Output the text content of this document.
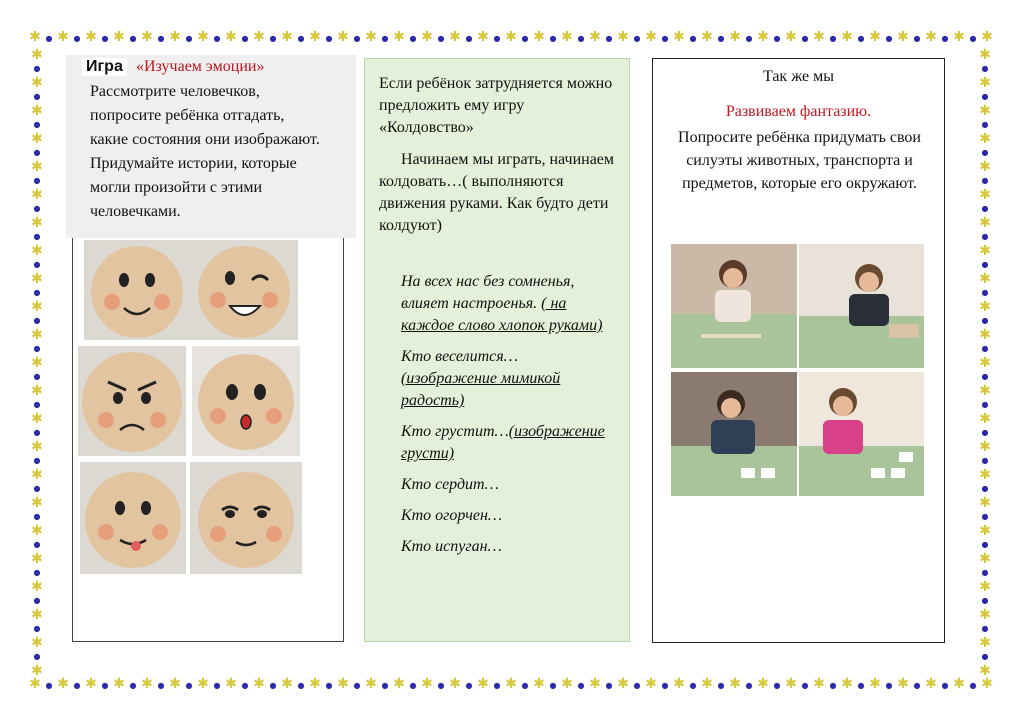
✱ ● ✱ ● ✱ ● ✱ ● ✱ ● ✱ ● ✱ ● ✱ ● ✱ ● ✱ ● ✱ ● ✱ ● ✱ ● ✱ ● ✱ ● ✱ ● ✱ ● ✱ ● ✱ ● ✱ ● ✱ ● ✱ ● ✱ ● ✱ ● ✱ ● ✱ ● ✱ ● ✱ ● ✱ ● ✱ ● ✱ ● ✱ ● ✱ ● ✱ ● ✱
✱ ● ✱ ● ✱ ● ✱ ● ✱ ● ✱ ● ✱ ● ✱ ● ✱ ● ✱ ● ✱ ● ✱ ● ✱ ● ✱ ● ✱ ● ✱ ● ✱ ● ✱ ● ✱ ● ✱ ● ✱ ● ✱ ● ✱ ● ✱ ● ✱ ● ✱ ● ✱ ● ✱ ● ✱ ● ✱ ● ✱ ● ✱ ● ✱ ● ✱ ● ✱
✱
●
✱
●
✱
●
✱
●
✱
●
✱
●
✱
●
✱
●
✱
●
✱
●
✱
●
✱
●
✱
●
✱
●
✱
●
✱
●
✱
●
✱
●
✱
●
✱
●
✱
●
✱
●
✱
✱
●
✱
●
✱
●
✱
●
✱
●
✱
●
✱
●
✱
●
✱
●
✱
●
✱
●
✱
●
✱
●
✱
●
✱
●
✱
●
✱
●
✱
●
✱
●
✱
●
✱
●
✱
●
✱
Игра «Изучаем эмоции»
Рассмотрите человечков, попросите ребёнка отгадать, какие состояния они изображают. Придумайте истории, которые могли произойти с этими человечками.

Если ребёнок затрудняется можно предложить ему игру «Колдовство»

Начинаем мы играть, начинаем колдовать…( выполняются движения руками. Как будто дети колдуют)

На всех нас без сомненья, влияет настроенья. ( на каждое слово хлопок руками)

Кто веселится…
(изображение мимикой радость)

Кто грустит…(изображение грусти)

Кто сердит…

Кто огорчен…

Кто испуган…

Так же мы
Развиваем фантазию.
Попросите ребёнка придумать свои силуэты животных, транспорта и предметов, которые его окружают.
